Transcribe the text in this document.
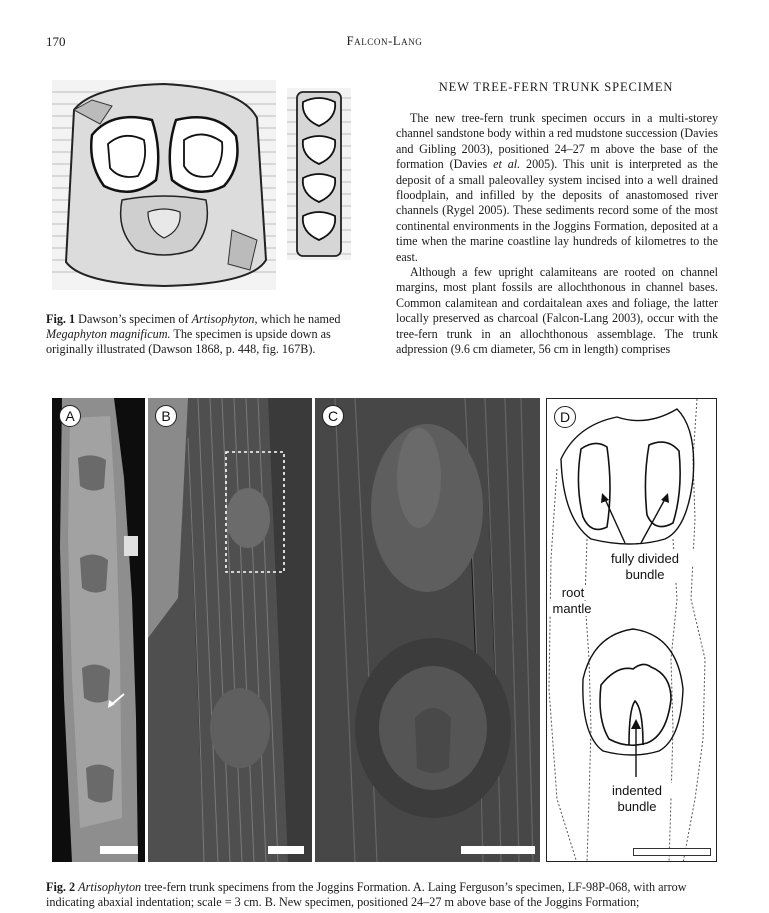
170	Falcon-Lang
Fig. 1 Dawson’s specimen of Artisophyton, which he named Megaphyton magnificum. The specimen is upside down as originally illustrated (Dawson 1868, p. 448, fig. 167B).
NEW TREE-FERN TRUNK SPECIMEN

The new tree-fern trunk specimen occurs in a multi-storey channel sandstone body within a red mudstone succession (Davies and Gibling 2003), positioned 24–27 m above the base of the formation (Davies et al. 2005). This unit is interpreted as the deposit of a small paleovalley system incised into a well drained floodplain, and infilled by the deposits of anastomosed river channels (Rygel 2005). These sediments record some of the most continental environments in the Joggins Formation, deposited at a time when the marine coastline lay hundreds of kilometres to the east.

Although a few upright calamiteans are rooted on channel margins, most plant fossils are allochthonous in channel bases. Common calamitean and cordaitalean axes and foliage, the latter locally preserved as charcoal (Falcon-Lang 2003), occur with the tree-fern trunk in an allochthonous assemblage. The trunk adpression (9.6 cm diameter, 56 cm in length) comprises

A	B	C	D
fully divided
bundle
root
mantle
indented
bundle
Fig. 2 Artisophyton tree-fern trunk specimens from the Joggins Formation. A. Laing Ferguson’s specimen, LF-98P-068, with arrow indicating abaxial indentation; scale = 3 cm. B. New specimen, positioned 24–27 m above base of the Joggins Formation;
